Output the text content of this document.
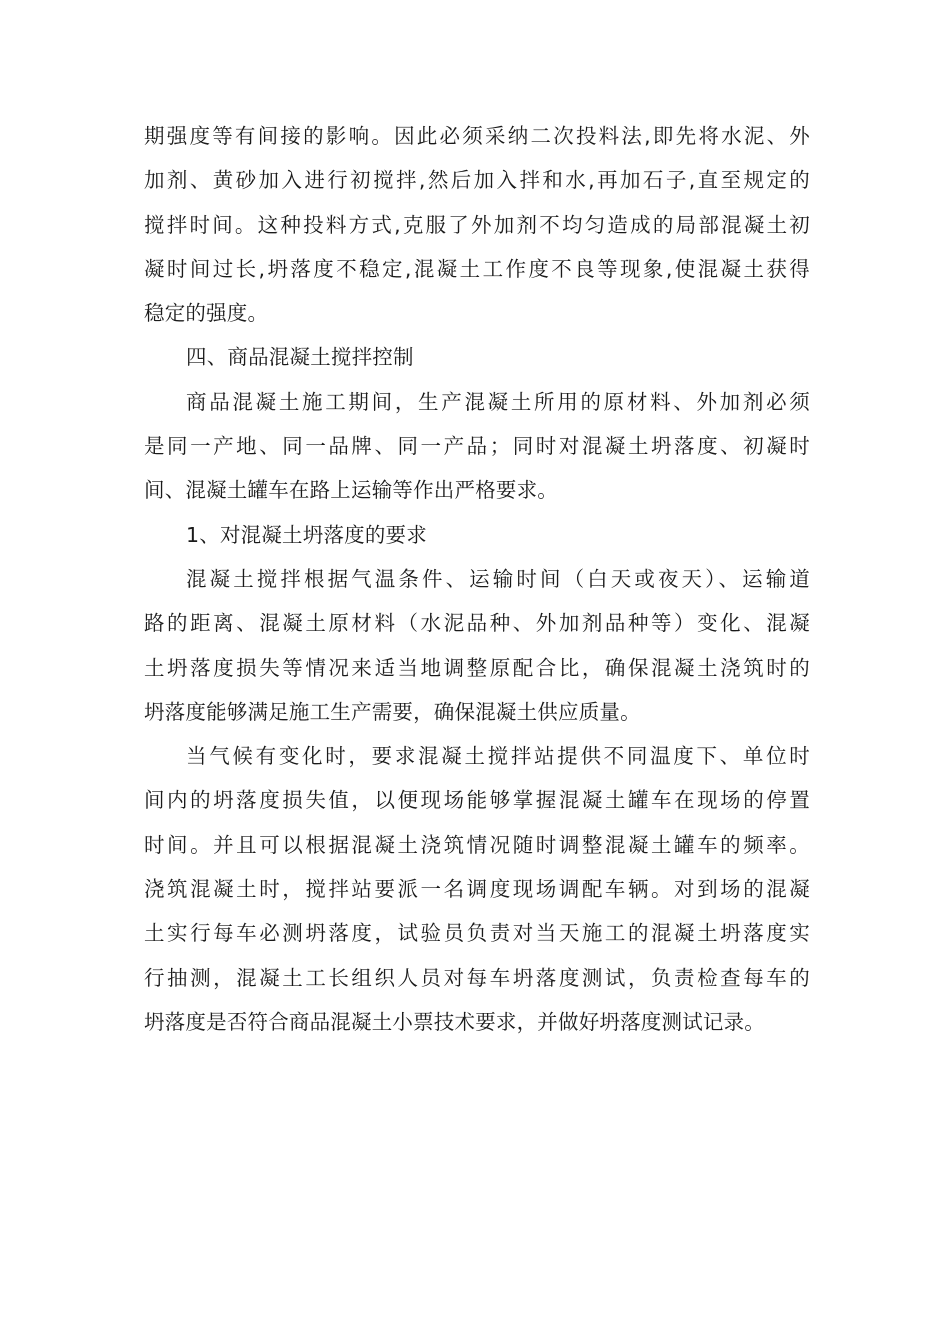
期强度等有间接的影响。因此必须采纳二次投料法,即先将水泥、外
加剂、黄砂加入进行初搅拌,然后加入拌和水,再加石子,直至规定的
搅拌时间。这种投料方式,克服了外加剂不均匀造成的局部混凝土初
凝时间过长,坍落度不稳定,混凝土工作度不良等现象,使混凝土获得
稳定的强度。
四、商品混凝土搅拌控制
商品混凝土施工期间，生产混凝土所用的原材料、外加剂必须
是同一产地、同一品牌、同一产品；同时对混凝土坍落度、初凝时
间、混凝土罐车在路上运输等作出严格要求。
1、对混凝土坍落度的要求
混凝土搅拌根据气温条件、运输时间（白天或夜天）、运输道
路的距离、混凝土原材料（水泥品种、外加剂品种等）变化、混凝
土坍落度损失等情况来适当地调整原配合比，确保混凝土浇筑时的
坍落度能够满足施工生产需要，确保混凝土供应质量。
当气候有变化时，要求混凝土搅拌站提供不同温度下、单位时
间内的坍落度损失值，以便现场能够掌握混凝土罐车在现场的停置
时间。并且可以根据混凝土浇筑情况随时调整混凝土罐车的频率。
浇筑混凝土时，搅拌站要派一名调度现场调配车辆。对到场的混凝
土实行每车必测坍落度，试验员负责对当天施工的混凝土坍落度实
行抽测，混凝土工长组织人员对每车坍落度测试，负责检查每车的
坍落度是否符合商品混凝土小票技术要求，并做好坍落度测试记录。
